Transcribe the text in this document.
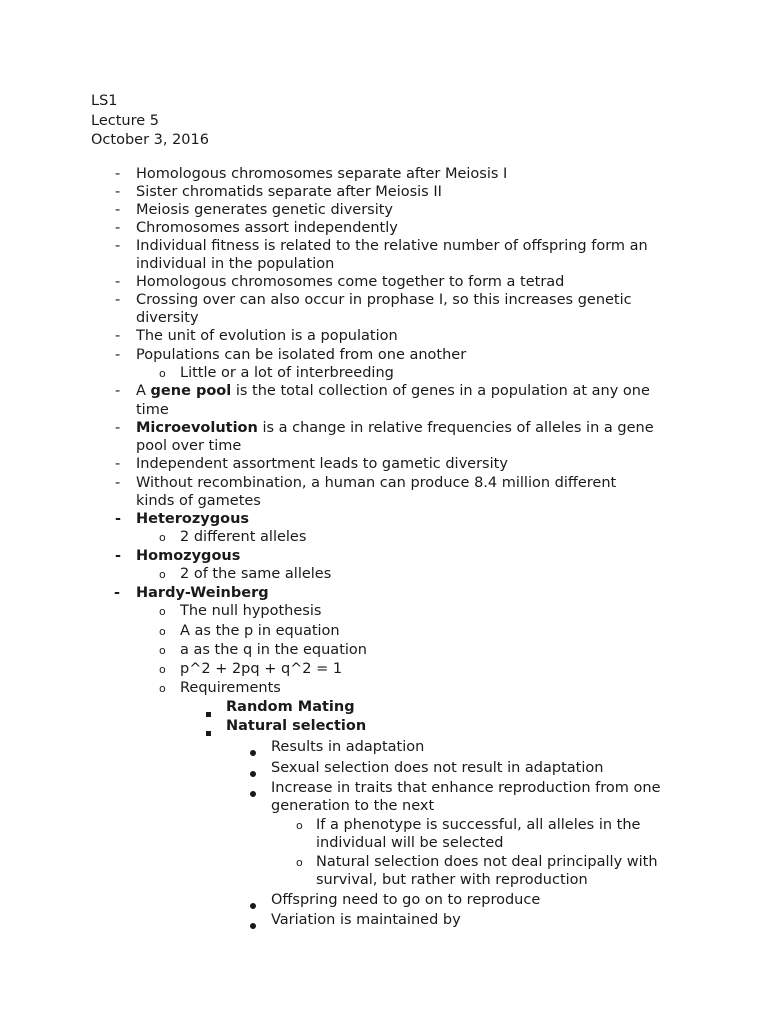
LS1
Lecture 5
October 3, 2016
- Homologous chromosomes separate after Meiosis I
- Sister chromatids separate after Meiosis II
- Meiosis generates genetic diversity
- Chromosomes assort independently
- Individual fitness is related to the relative number of offspring form an
individual in the population
- Homologous chromosomes come together to form a tetrad
- Crossing over can also occur in prophase I, so this increases genetic
diversity
- The unit of evolution is a population
- Populations can be isolated from one another
o Little or a lot of interbreeding
- A gene pool is the total collection of genes in a population at any one
time
- Microevolution is a change in relative frequencies of alleles in a gene
pool over time
- Independent assortment leads to gametic diversity
- Without recombination, a human can produce 8.4 million different
kinds of gametes
- Heterozygous
o 2 different alleles
- Homozygous
o 2 of the same alleles
- Hardy-Weinberg
o The null hypothesis
o A as the p in equation
o a as the q in the equation
o p^2 + 2pq + q^2 = 1
o Requirements
Random Mating
Natural selection
Results in adaptation
Sexual selection does not result in adaptation
Increase in traits that enhance reproduction from one
generation to the next
o If a phenotype is successful, all alleles in the
individual will be selected
o Natural selection does not deal principally with
survival, but rather with reproduction
Offspring need to go on to reproduce
Variation is maintained by
